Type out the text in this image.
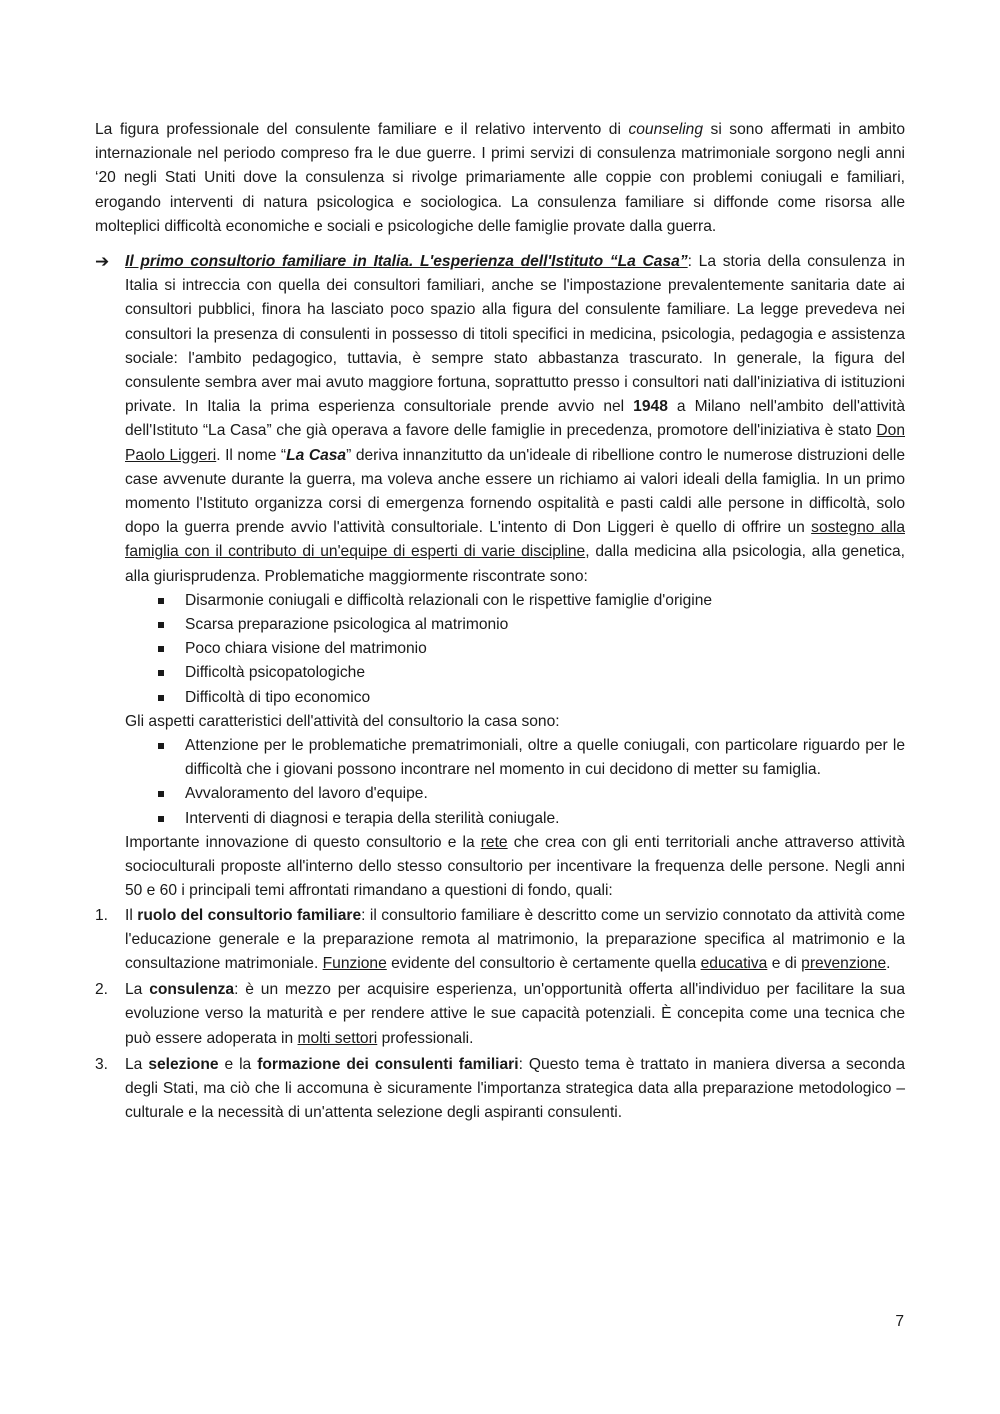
La figura professionale del consulente familiare e il relativo intervento di counseling si sono affermati in ambito internazionale nel periodo compreso fra le due guerre. I primi servizi di consulenza matrimoniale sorgono negli anni ‘20 negli Stati Uniti dove la consulenza si rivolge primariamente alle coppie con problemi coniugali e familiari, erogando interventi di natura psicologica e sociologica. La consulenza familiare si diffonde come risorsa alle molteplici difficoltà economiche e sociali e psicologiche delle famiglie provate dalla guerra.

➔ Il primo consultorio familiare in Italia. L'esperienza dell'Istituto “La Casa”: La storia della consulenza in Italia si intreccia con quella dei consultori familiari, anche se l'impostazione prevalentemente sanitaria date ai consultori pubblici, finora ha lasciato poco spazio alla figura del consulente familiare. La legge prevedeva nei consultori la presenza di consulenti in possesso di titoli specifici in medicina, psicologia, pedagogia e assistenza sociale: l'ambito pedagogico, tuttavia, è sempre stato abbastanza trascurato. In generale, la figura del consulente sembra aver mai avuto maggiore fortuna, soprattutto presso i consultori nati dall'iniziativa di istituzioni private. In Italia la prima esperienza consultoriale prende avvio nel 1948 a Milano nell'ambito dell'attività dell'Istituto “La Casa” che già operava a favore delle famiglie in precedenza, promotore dell'iniziativa è stato Don Paolo Liggeri. Il nome “La Casa” deriva innanzitutto da un'ideale di ribellione contro le numerose distruzioni delle case avvenute durante la guerra, ma voleva anche essere un richiamo ai valori ideali della famiglia. In un primo momento l'Istituto organizza corsi di emergenza fornendo ospitalità e pasti caldi alle persone in difficoltà, solo dopo la guerra prende avvio l'attività consultoriale. L'intento di Don Liggeri è quello di offrire un sostegno alla famiglia con il contributo di un'equipe di esperti di varie discipline, dalla medicina alla psicologia, alla genetica, alla giurisprudenza. Problematiche maggiormente riscontrate sono:

Disarmonie coniugali e difficoltà relazionali con le rispettive famiglie d'origine
Scarsa preparazione psicologica al matrimonio
Poco chiara visione del matrimonio
Difficoltà psicopatologiche
Difficoltà di tipo economico

Gli aspetti caratteristici dell'attività del consultorio la casa sono:

Attenzione per le problematiche prematrimoniali, oltre a quelle coniugali, con particolare riguardo per le difficoltà che i giovani possono incontrare nel momento in cui decidono di metter su famiglia.
Avvaloramento del lavoro d'equipe.
Interventi di diagnosi e terapia della sterilità coniugale.

Importante innovazione di questo consultorio e la rete che crea con gli enti territoriali anche attraverso attività socioculturali proposte all'interno dello stesso consultorio per incentivare la frequenza delle persone. Negli anni 50 e 60 i principali temi affrontati rimandano a questioni di fondo, quali:

1. Il ruolo del consultorio familiare: il consultorio familiare è descritto come un servizio connotato da attività come l'educazione generale e la preparazione remota al matrimonio, la preparazione specifica al matrimonio e la consultazione matrimoniale. Funzione evidente del consultorio è certamente quella educativa e di prevenzione.
2. La consulenza: è un mezzo per acquisire esperienza, un'opportunità offerta all'individuo per facilitare la sua evoluzione verso la maturità e per rendere attive le sue capacità potenziali. È concepita come una tecnica che può essere adoperata in molti settori professionali.
3. La selezione e la formazione dei consulenti familiari: Questo tema è trattato in maniera diversa a seconda degli Stati, ma ciò che li accomuna è sicuramente l'importanza strategica data alla preparazione metodologico – culturale e la necessità di un'attenta selezione degli aspiranti consulenti.
7
